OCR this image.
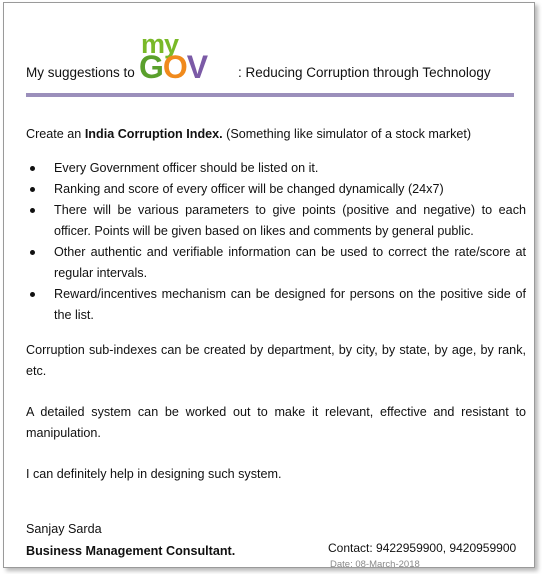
My suggestions to
my
GOV : Reducing Corruption through Technology

Create an India Corruption Index. (Something like simulator of a stock market)

Every Government officer should be listed on it.
Ranking and score of every officer will be changed dynamically (24x7)
There will be various parameters to give points (positive and negative) to each officer. Points will be given based on likes and comments by general public.
Other authentic and verifiable information can be used to correct the rate/score at regular intervals.
Reward/incentives mechanism can be designed for persons on the positive side of the list.

Corruption sub-indexes can be created by department, by city, by state, by age, by rank, etc.

A detailed system can be worked out to make it relevant, effective and resistant to manipulation.

I can definitely help in designing such system.

Sanjay Sarda
Business Management Consultant.	Contact: 9422959900, 9420959900
Date: 08-March-2018
